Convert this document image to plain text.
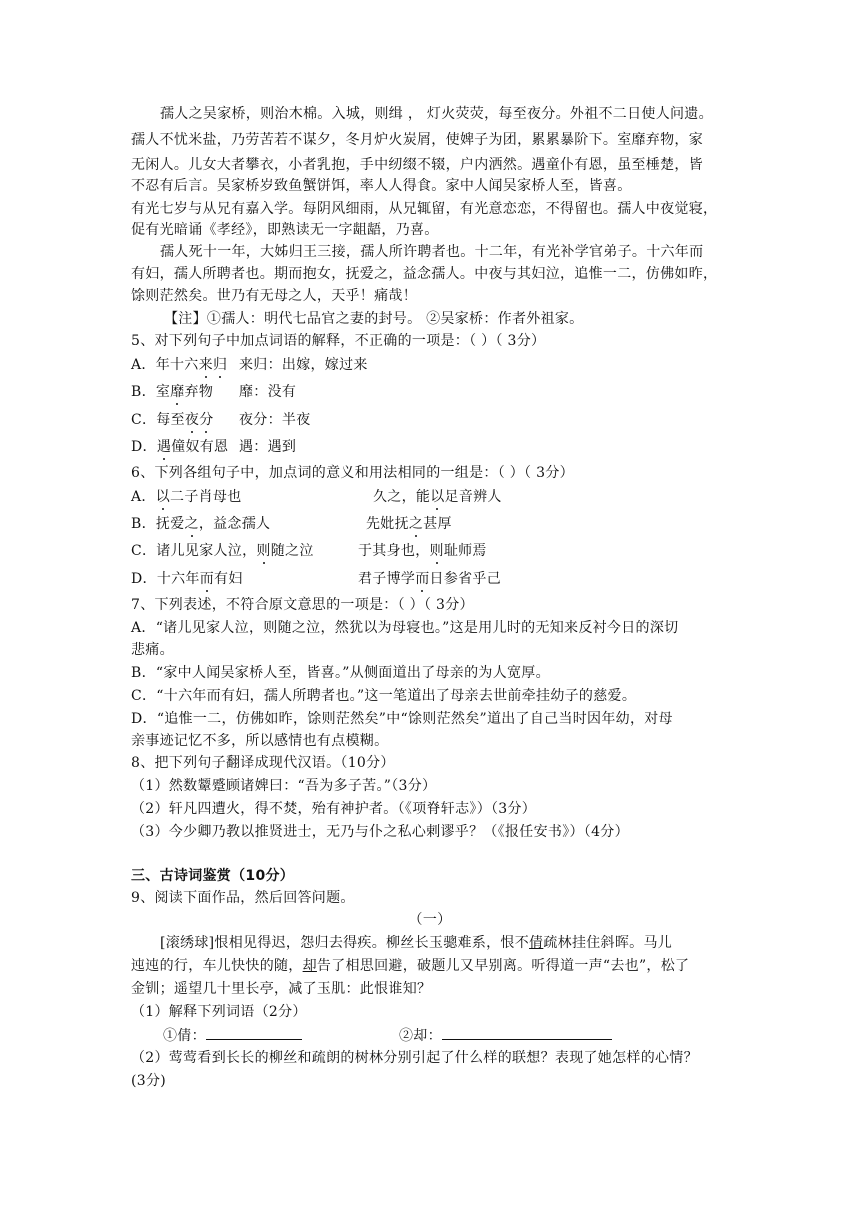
孺人之吴家桥，则治木棉。入城，则缉 ， 灯火荧荧，每至夜分。外祖不二日使人问遗。
孺人不忧米盐，乃劳苦若不谋夕，冬月炉火炭屑，使婢子为团，累累暴阶下。室靡弃物，家
无闲人。儿女大者攀衣，小者乳抱，手中纫缀不辍，户内洒然。遇童仆有恩，虽至棰楚，皆
不忍有后言。吴家桥岁致鱼蟹饼饵，率人人得食。家中人闻吴家桥人至，皆喜。
有光七岁与从兄有嘉入学。每阴风细雨，从兄辄留，有光意恋恋，不得留也。孺人中夜觉寝，
促有光暗诵《孝经》，即熟读无一字龃龉，乃喜。
孺人死十一年，大姊归王三接，孺人所许聘者也。十二年，有光补学官弟子。十六年而
有妇，孺人所聘者也。期而抱女，抚爱之，益念孺人。中夜与其妇泣，追惟一二，仿佛如昨，
馀则茫然矣。世乃有无母之人，天乎！痛哉！
【注】①孺人：明代七品官之妻的封号。 ②吴家桥：作者外祖家。
5、对下列句子中加点词语的解释，不正确的一项是：（ ）（ 3分）
A．年十六来归 来归：出嫁，嫁过来
B．室靡弃物 靡：没有
C．每至夜分 夜分：半夜
D．遇僮奴有恩 遇：遇到
6、下列各组句子中，加点词的意义和用法相同的一组是：（ ）（ 3分）
A．以二子肖母也	久之，能以足音辨人
B．抚爱之，益念孺人	先妣抚之甚厚
C．诸儿见家人泣，则随之泣	于其身也，则耻师焉
D．十六年而有妇	君子博学而日参省乎己
7、下列表述，不符合原文意思的一项是：（ ）（ 3分）
A．“诸儿见家人泣，则随之泣，然犹以为母寝也。”这是用儿时的无知来反衬今日的深切
悲痛。
B．“家中人闻吴家桥人至，皆喜。”从侧面道出了母亲的为人宽厚。
C．“十六年而有妇，孺人所聘者也。”这一笔道出了母亲去世前牵挂幼子的慈爱。
D．“追惟一二，仿佛如昨，馀则茫然矣”中“馀则茫然矣”道出了自己当时因年幼，对母
亲事迹记忆不多，所以感情也有点模糊。
8、把下列句子翻译成现代汉语。（10分）
（1）然数颦蹙顾诸婢曰：“吾为多子苦。”（3分）
（2）轩凡四遭火，得不焚，殆有神护者。（《项脊轩志》）（3分）
（3）今少卿乃教以推贤进士，无乃与仆之私心剌谬乎？（《报任安书》）（4分）
三、古诗词鉴赏（10分）
9、阅读下面作品，然后回答问题。
（一）
[滚绣球]恨相见得迟，怨归去得疾。柳丝长玉骢难系，恨不倩疏林挂住斜晖。马儿
迍迍的行，车儿快快的随，却告了相思回避，破题儿又早别离。听得道一声“去也”，松了
金钏；遥望几十里长亭，减了玉肌：此恨谁知？
（1）解释下列词语（2分）
①倩：	②却：
（2）莺莺看到长长的柳丝和疏朗的树林分别引起了什么样的联想？表现了她怎样的心情？
(3分)
